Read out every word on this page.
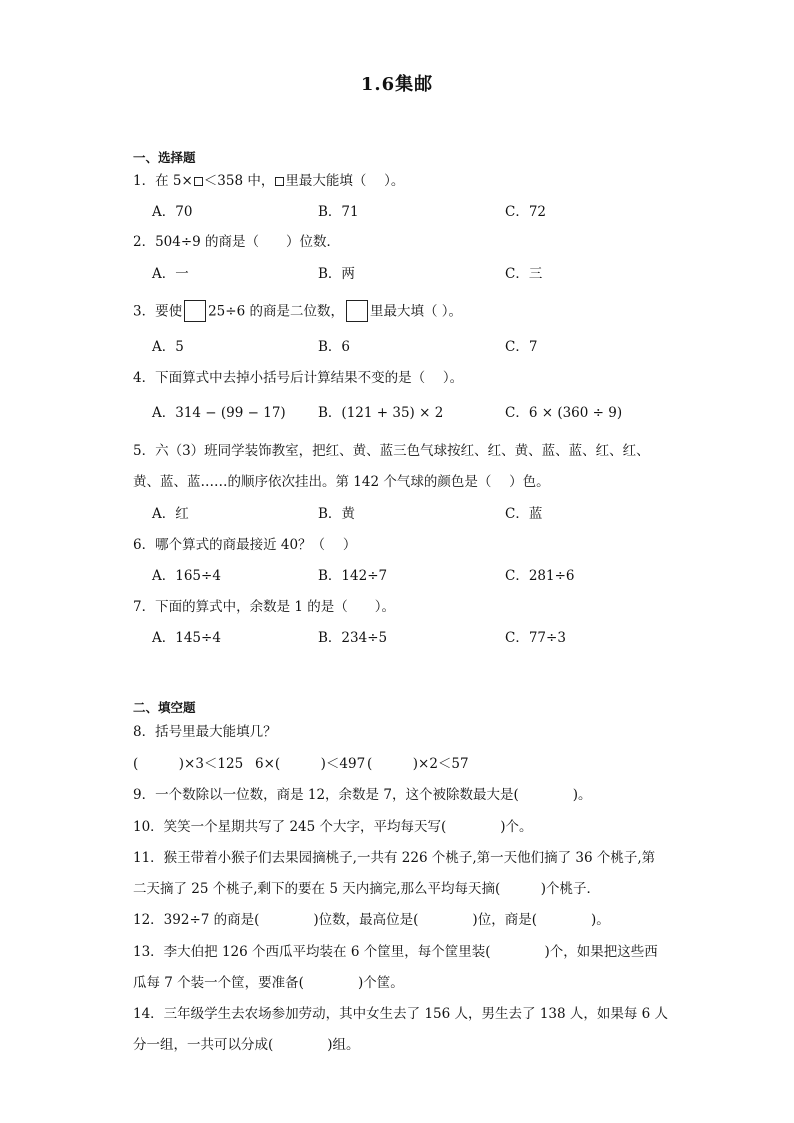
1.6集邮
一、选择题
1．在 5× ＜358 中， 里最大能填（　 ）。
A．70	B．71	C．72
2．504÷9 的商是（　　）位数．
A．一	B．两	C．三
3．要使 25÷6 的商是二位数， 里最大填（ ）。
A．5	B．6	C．7
4．下面算式中去掉小括号后计算结果不变的是（　 ）。
A．314 − (99 − 17) B．(121 + 35) × 2	C．6 × (360 ÷ 9)
5．六（3）班同学装饰教室，把红、黄、蓝三色气球按红、红、黄、蓝、蓝、红、红、
黄、蓝、蓝……的顺序依次挂出。第 142 个气球的颜色是（　 ）色。
A．红	B．黄	C．蓝
6．哪个算式的商最接近 40？（　 ）
A．165÷4	B．142÷7	C．281÷6
7．下面的算式中，余数是 1 的是（　　）。
A．145÷4	B．234÷5	C．77÷3
二、填空题
8．括号里最大能填几？
(　　　)×3＜125 6×(　　　)＜497 (　　　)×2＜57
9．一个数除以一位数，商是 12，余数是 7，这个被除数最大是(　　　　)。
10．笑笑一个星期共写了 245 个大字，平均每天写(　　　　)个。
11．猴王带着小猴子们去果园摘桃子,一共有 226 个桃子,第一天他们摘了 36 个桃子,第
二天摘了 25 个桃子,剩下的要在 5 天内摘完,那么平均每天摘(　　　)个桃子．
12．392÷7 的商是(　　　　)位数，最高位是(　　　　)位，商是(　　　　)。
13．李大伯把 126 个西瓜平均装在 6 个筐里，每个筐里装(　　　　)个，如果把这些西
瓜每 7 个装一个筐，要准备(　　　　)个筐。
14．三年级学生去农场参加劳动，其中女生去了 156 人，男生去了 138 人，如果每 6 人
分一组，一共可以分成(　　　　)组。
